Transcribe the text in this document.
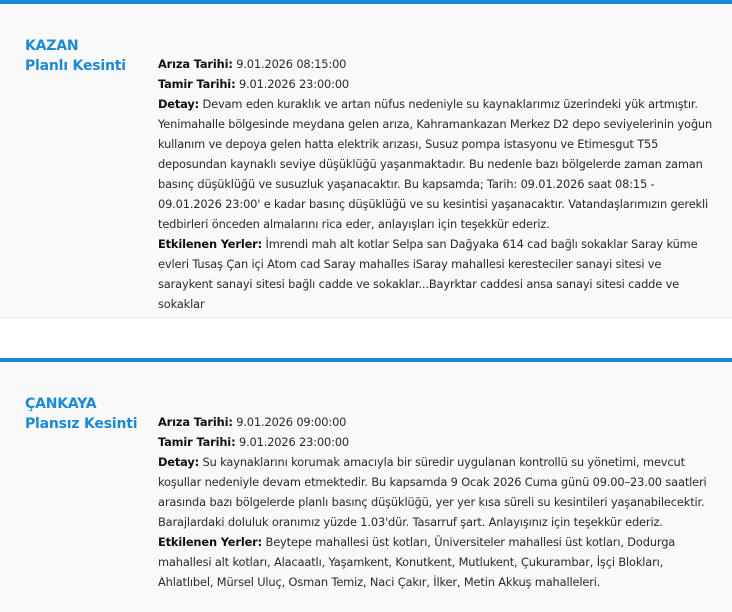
KAZAN
Planlı Kesinti	Arıza Tarihi: 9.01.2026 08:15:00
Tamir Tarihi: 9.01.2026 23:00:00
Detay: Devam eden kuraklık ve artan nüfus nedeniyle su kaynaklarımız üzerindeki yük artmıştır. Yenimahalle bölgesinde meydana gelen arıza, Kahramankazan Merkez D2 depo seviyelerinin yoğun kullanım ve depoya gelen hatta elektrik arızası, Susuz pompa istasyonu ve Etimesgut T55 deposundan kaynaklı seviye düşüklüğü yaşanmaktadır. Bu nedenle bazı bölgelerde zaman zaman basınç düşüklüğü ve susuzluk yaşanacaktır. Bu kapsamda; Tarih: 09.01.2026 saat 08:15 - 09.01.2026 23:00' e kadar basınç düşüklüğü ve su kesintisi yaşanacaktır. Vatandaşlarımızın gerekli tedbirleri önceden almalarını rica eder, anlayışları için teşekkür ederiz.
Etkilenen Yerler: İmrendi mah alt kotlar Selpa san Dağyaka 614 cad bağlı sokaklar Saray küme evleri Tusaş Çan içi Atom cad Saray mahalles iSaray mahallesi keresteciler sanayi sitesi ve saraykent sanayi sitesi bağlı cadde ve sokaklar...Bayrktar caddesi ansa sanayi sitesi cadde ve sokaklar
ÇANKAYA
Plansız Kesinti Arıza Tarihi: 9.01.2026 09:00:00
Tamir Tarihi: 9.01.2026 23:00:00
Detay: Su kaynaklarını korumak amacıyla bir süredir uygulanan kontrollü su yönetimi, mevcut koşullar nedeniyle devam etmektedir. Bu kapsamda 9 Ocak 2026 Cuma günü 09.00–23.00 saatleri arasında bazı bölgelerde planlı basınç düşüklüğü, yer yer kısa süreli su kesintileri yaşanabilecektir. Barajlardaki doluluk oranımız yüzde 1.03'dür. Tasarruf şart. Anlayışınız için teşekkür ederiz.
Etkilenen Yerler: Beytepe mahallesi üst kotları, Üniversiteler mahallesi üst kotları, Dodurga mahallesi alt kotları, Alacaatlı, Yaşamkent, Konutkent, Mutlukent, Çukurambar, İşçi Blokları, Ahlatlıbel, Mürsel Uluç, Osman Temiz, Naci Çakır, İlker, Metin Akkuş mahalleleri.
